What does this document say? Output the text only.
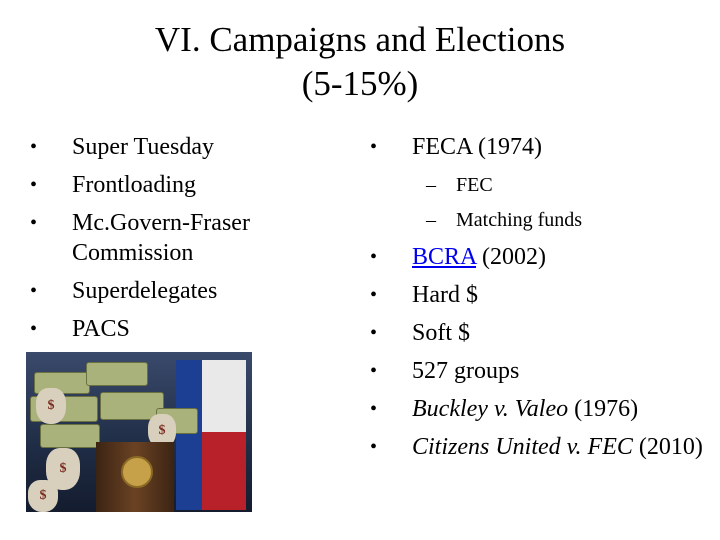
VI. Campaigns and Elections
(5-15%)
• Super Tuesday
• Frontloading
• Mc.Govern-Fraser Commission
• Superdelegates
• PACS
• FECA (1974)
– FEC
– Matching funds
• BCRA (2002)
• Hard $
• Soft $
• 527 groups
• Buckley v. Valeo (1976)
• Citizens United v. FEC (2010)
$
$
$
$
